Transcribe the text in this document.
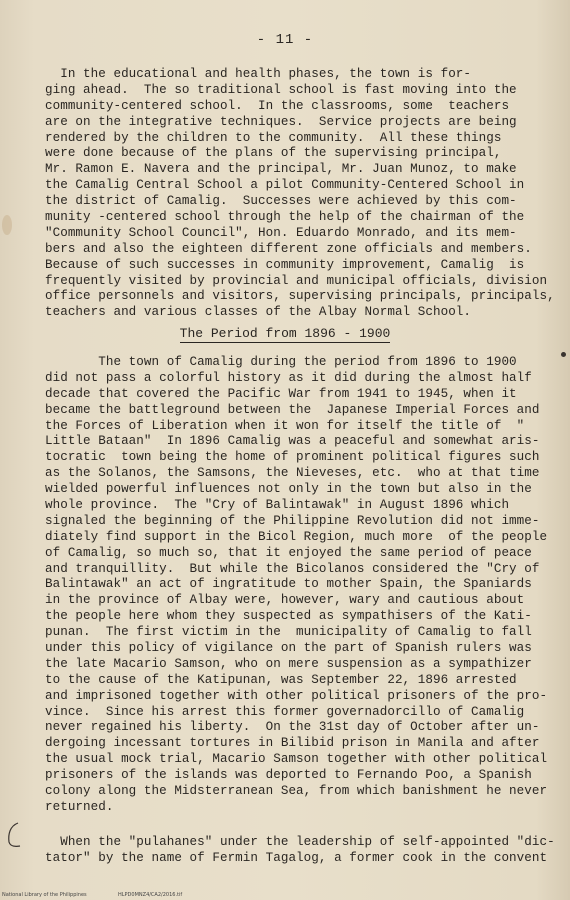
- 11 -
In the educational and health phases, the town is for-
ging ahead.  The so traditional school is fast moving into the
community-centered school.  In the classrooms, some  teachers
are on the integrative techniques.  Service projects are being
rendered by the children to the community.  All these things
were done because of the plans of the supervising principal,
Mr. Ramon E. Navera and the principal, Mr. Juan Munoz, to make
the Camalig Central School a pilot Community-Centered School in
the district of Camalig.  Successes were achieved by this com-
munity -centered school through the help of the chairman of the
"Community School Council", Hon. Eduardo Monrado, and its mem-
bers and also the eighteen different zone officials and members.
Because of such successes in community improvement, Camalig  is
frequently visited by provincial and municipal officials, division
office personnels and visitors, supervising principals, principals,
teachers and various classes of the Albay Normal School.
The Period from 1896 - 1900
The town of Camalig during the period from 1896 to 1900
did not pass a colorful history as it did during the almost half
decade that covered the Pacific War from 1941 to 1945, when it
became the battleground between the  Japanese Imperial Forces and
the Forces of Liberation when it won for itself the title of  "
Little Bataan"  In 1896 Camalig was a peaceful and somewhat aris-
tocratic  town being the home of prominent political figures such
as the Solanos, the Samsons, the Nieveses, etc.  who at that time
wielded powerful influences not only in the town but also in the
whole province.  The "Cry of Balintawak" in August 1896 which
signaled the beginning of the Philippine Revolution did not imme-
diately find support in the Bicol Region, much more  of the people
of Camalig, so much so, that it enjoyed the same period of peace
and tranquillity.  But while the Bicolanos considered the "Cry of
Balintawak" an act of ingratitude to mother Spain, the Spaniards
in the province of Albay were, however, wary and cautious about
the people here whom they suspected as sympathisers of the Kati-
punan.  The first victim in the  municipality of Camalig to fall
under this policy of vigilance on the part of Spanish rulers was
the late Macario Samson, who on mere suspension as a sympathizer
to the cause of the Katipunan, was September 22, 1896 arrested
and imprisoned together with other political prisoners of the pro-
vince.  Since his arrest this former governadorcillo of Camalig
never regained his liberty.  On the 31st day of October after un-
dergoing incessant tortures in Bilibid prison in Manila and after
the usual mock trial, Macario Samson together with other political
prisoners of the islands was deported to Fernando Poo, a Spanish
colony along the Midsterranean Sea, from which banishment he never
returned.
When the "pulahanes" under the leadership of self-appointed "dic-
tator" by the name of Fermin Tagalog, a former cook in the convent
National Library of the Philippines	HLPD0MNZ4/CA2/2016.tif
